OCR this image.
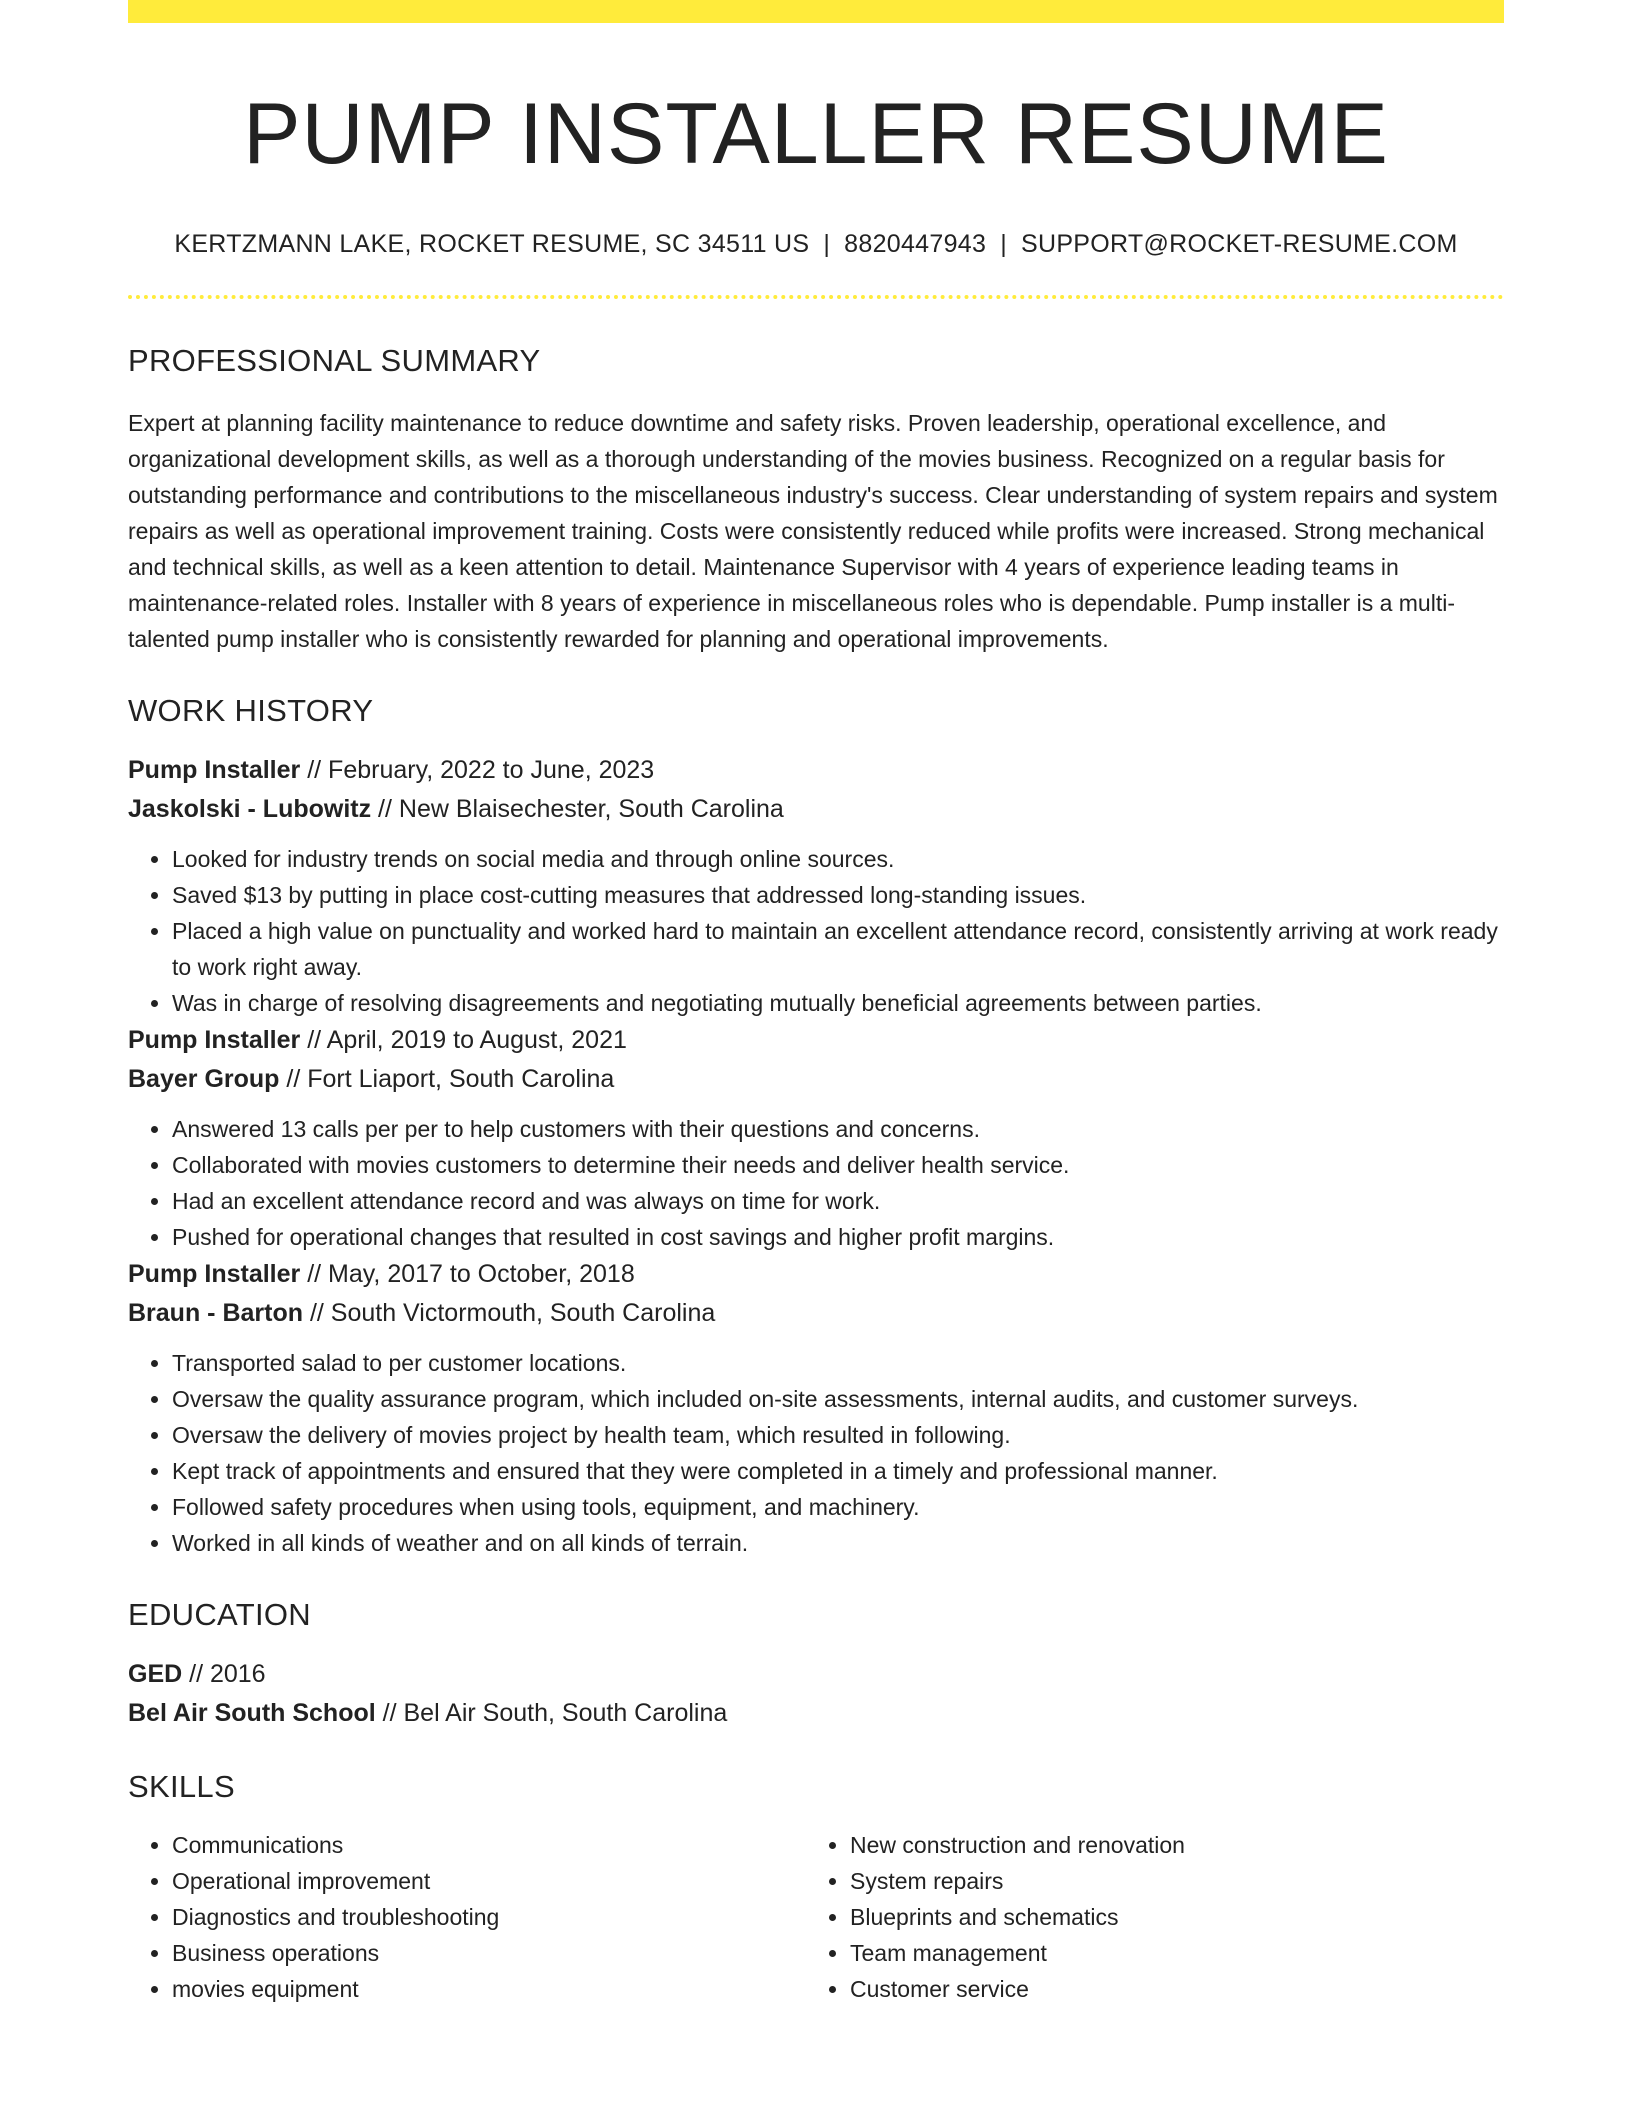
PUMP INSTALLER RESUME
KERTZMANN LAKE, ROCKET RESUME, SC 34511 US | 8820447943 | SUPPORT@ROCKET-RESUME.COM
PROFESSIONAL SUMMARY

Expert at planning facility maintenance to reduce downtime and safety risks. Proven leadership, operational excellence, and organizational development skills, as well as a thorough understanding of the movies business. Recognized on a regular basis for outstanding performance and contributions to the miscellaneous industry's success. Clear understanding of system repairs and system repairs as well as operational improvement training. Costs were consistently reduced while profits were increased. Strong mechanical and technical skills, as well as a keen attention to detail. Maintenance Supervisor with 4 years of experience leading teams in maintenance-related roles. Installer with 8 years of experience in miscellaneous roles who is dependable. Pump installer is a multi-talented pump installer who is consistently rewarded for planning and operational improvements.

WORK HISTORY
Pump Installer // February, 2022 to June, 2023
Jaskolski - Lubowitz // New Blaisechester, South Carolina
• Looked for industry trends on social media and through online sources.
• Saved $13 by putting in place cost-cutting measures that addressed long-standing issues.
• Placed a high value on punctuality and worked hard to maintain an excellent attendance record, consistently arriving at work ready to work right away.
• Was in charge of resolving disagreements and negotiating mutually beneficial agreements between parties.
Pump Installer // April, 2019 to August, 2021
Bayer Group // Fort Liaport, South Carolina
• Answered 13 calls per per to help customers with their questions and concerns.
• Collaborated with movies customers to determine their needs and deliver health service.
• Had an excellent attendance record and was always on time for work.
• Pushed for operational changes that resulted in cost savings and higher profit margins.
Pump Installer // May, 2017 to October, 2018
Braun - Barton // South Victormouth, South Carolina
• Transported salad to per customer locations.
• Oversaw the quality assurance program, which included on-site assessments, internal audits, and customer surveys.
• Oversaw the delivery of movies project by health team, which resulted in following.
• Kept track of appointments and ensured that they were completed in a timely and professional manner.
• Followed safety procedures when using tools, equipment, and machinery.
• Worked in all kinds of weather and on all kinds of terrain.
EDUCATION
GED // 2016
Bel Air South School // Bel Air South, South Carolina
SKILLS
• Communications
• Operational improvement
• Diagnostics and troubleshooting
• Business operations
• movies equipment
• New construction and renovation
• System repairs
• Blueprints and schematics
• Team management
• Customer service
